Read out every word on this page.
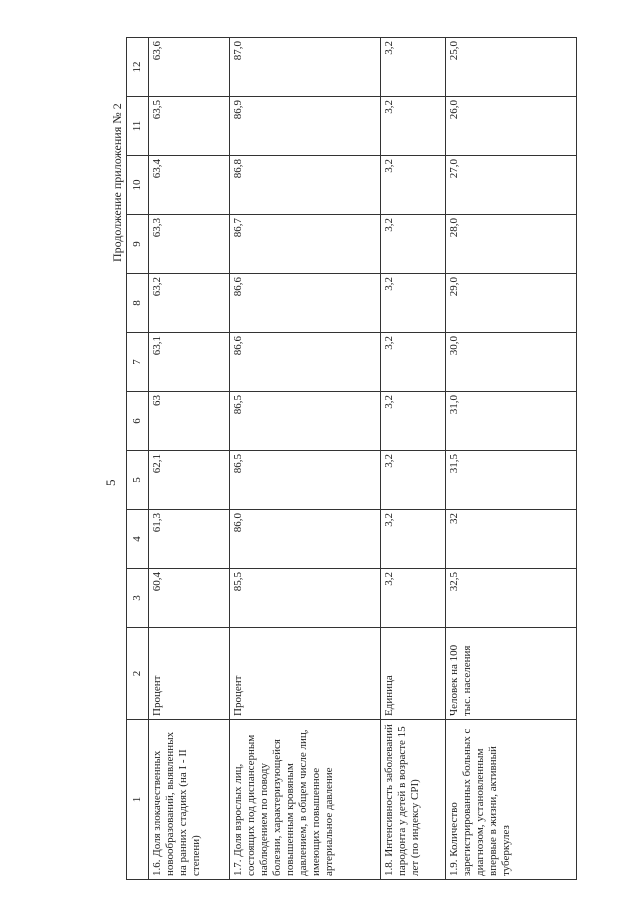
5
Продолжение приложения № 2
1	2	3	4	5	6	7	8	9	10	11	12
1.6. Доля злокачественных новообразований, выявленных на ранних стадиях (на I - II степени)	Процент	60,4	61,3	62,1	63	63,1	63,2	63,3	63,4	63,5	63,6
1.7. Доля взрослых лиц, состоящих под диспансерным наблюдением по поводу болезни, характеризующейся повышенным кровяным давлением, в общем числе лиц, имеющих повышенное артериальное давление	Процент	85,5	86,0	86,5	86,5	86,6	86,6	86,7	86,8	86,9	87,0
1.8. Интенсивность заболеваний пародонта у детей в возрасте 15 лет (по индексу СPI)	Единица	3,2	3,2	3,2	3,2	3,2	3,2	3,2	3,2	3,2	3,2
1.9. Количество зарегистрированных больных с диагнозом, установленным впервые в жизни, активный туберкулез	Человек на 100 тыс. населения	32,5	32	31,5	31,0	30,0	29,0	28,0	27,0	26,0	25,0
